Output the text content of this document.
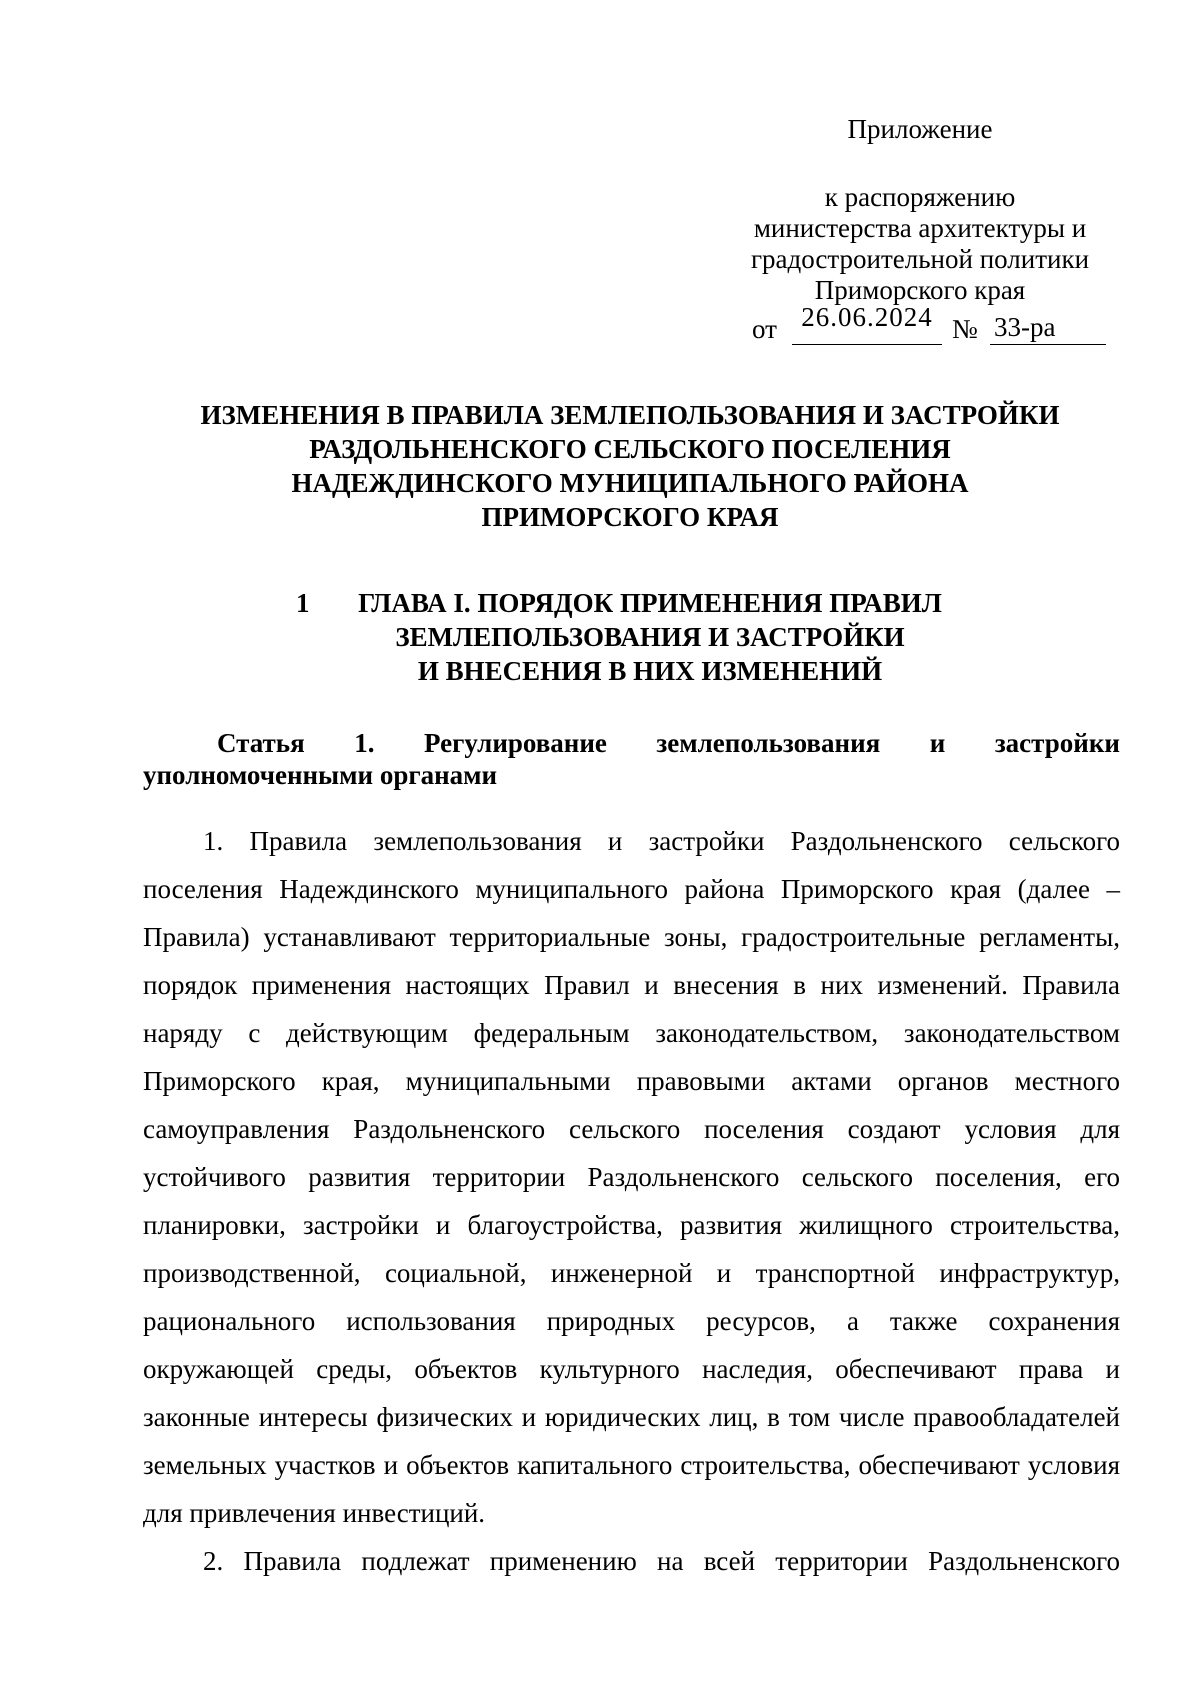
Приложение
к распоряжению
министерства архитектуры и
градостроительной политики
Приморского края
от 26.06.2024 № 33-ра
ИЗМЕНЕНИЯ В ПРАВИЛА ЗЕМЛЕПОЛЬЗОВАНИЯ И ЗАСТРОЙКИ
РАЗДОЛЬНЕНСКОГО СЕЛЬСКОГО ПОСЕЛЕНИЯ
НАДЕЖДИНСКОГО МУНИЦИПАЛЬНОГО РАЙОНА
ПРИМОРСКОГО КРАЯ
1	ГЛАВА I. ПОРЯДОК ПРИМЕНЕНИЯ ПРАВИЛ
ЗЕМЛЕПОЛЬЗОВАНИЯ И ЗАСТРОЙКИ
И ВНЕСЕНИЯ В НИХ ИЗМЕНЕНИЙ
Статья 1. Регулирование землепользования и застройки
уполномоченными органами

1. Правила землепользования и застройки Раздольненского сельского поселения Надеждинского муниципального района Приморского края (далее – Правила) устанавливают территориальные зоны, градостроительные регламенты, порядок применения настоящих Правил и внесения в них изменений. Правила наряду с действующим федеральным законодательством, законодательством Приморского края, муниципальными правовыми актами органов местного самоуправления Раздольненского сельского поселения создают условия для устойчивого развития территории Раздольненского сельского поселения, его планировки, застройки и благоустройства, развития жилищного строительства, производственной, социальной, инженерной и транспортной инфраструктур, рационального использования природных ресурсов, а также сохранения окружающей среды, объектов культурного наследия, обеспечивают права и законные интересы физических и юридических лиц, в том числе правообладателей земельных участков и объектов капитального строительства, обеспечивают условия для привлечения инвестиций.

2. Правила подлежат применению на всей территории Раздольненского
